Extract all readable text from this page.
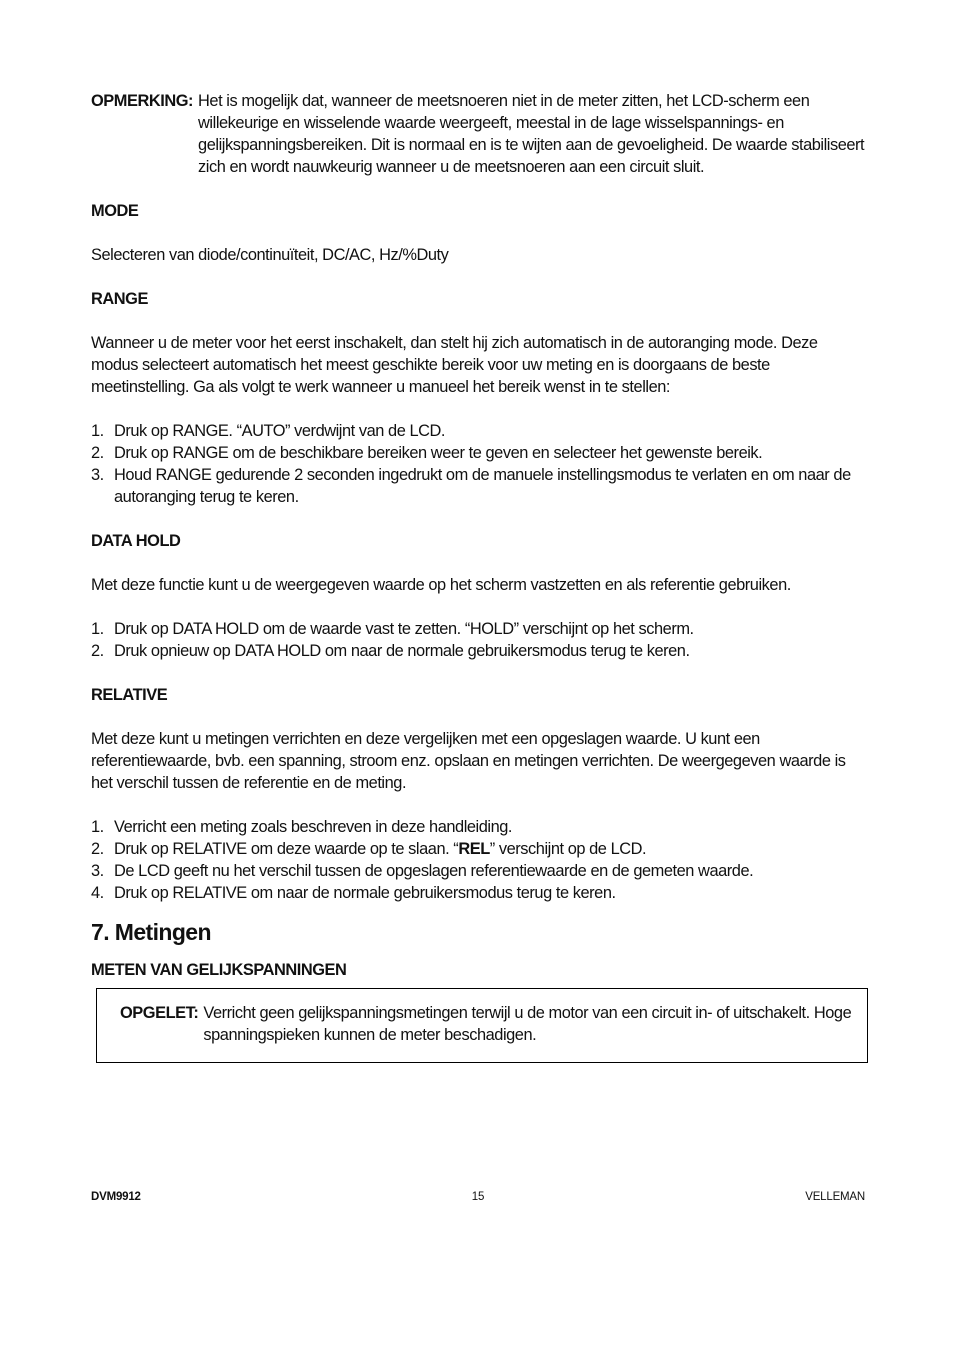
OPMERKING: Het is mogelijk dat, wanneer de meetsnoeren niet in de meter zitten, het LCD-scherm een willekeurige en wisselende waarde weergeeft, meestal in de lage wisselspannings- en gelijkspanningsbereiken. Dit is normaal en is te wijten aan de gevoeligheid. De waarde stabiliseert zich en wordt nauwkeurig wanneer u de meetsnoeren aan een circuit sluit.

MODE

Selecteren van diode/continuïteit, DC/AC, Hz/%Duty

RANGE

Wanneer u de meter voor het eerst inschakelt, dan stelt hij zich automatisch in de autoranging mode. Deze modus selecteert automatisch het meest geschikte bereik voor uw meting en is doorgaans de beste meetinstelling. Ga als volgt te werk wanneer u manueel het bereik wenst in te stellen:

1. Druk op RANGE. “AUTO” verdwijnt van de LCD.
2. Druk op RANGE om de beschikbare bereiken weer te geven en selecteer het gewenste bereik.
3. Houd RANGE gedurende 2 seconden ingedrukt om de manuele instellingsmodus te verlaten en om naar de autoranging terug te keren.

DATA HOLD

Met deze functie kunt u de weergegeven waarde op het scherm vastzetten en als referentie gebruiken.

1. Druk op DATA HOLD om de waarde vast te zetten. “HOLD” verschijnt op het scherm.
2. Druk opnieuw op DATA HOLD om naar de normale gebruikersmodus terug te keren.

RELATIVE

Met deze kunt u metingen verrichten en deze vergelijken met een opgeslagen waarde. U kunt een referentiewaarde, bvb. een spanning, stroom enz. opslaan en metingen verrichten. De weergegeven waarde is het verschil tussen de referentie en de meting.

1. Verricht een meting zoals beschreven in deze handleiding.
2. Druk op RELATIVE om deze waarde op te slaan. “REL” verschijnt op de LCD.
3. De LCD geeft nu het verschil tussen de opgeslagen referentiewaarde en de gemeten waarde.
4. Druk op RELATIVE om naar de normale gebruikersmodus terug te keren.

7. Metingen

METEN VAN GELIJKSPANNINGEN

OPGELET: Verricht geen gelijkspanningsmetingen terwijl u de motor van een circuit in- of uitschakelt. Hoge spanningspieken kunnen de meter beschadigen.
DVM9912	15	VELLEMAN
